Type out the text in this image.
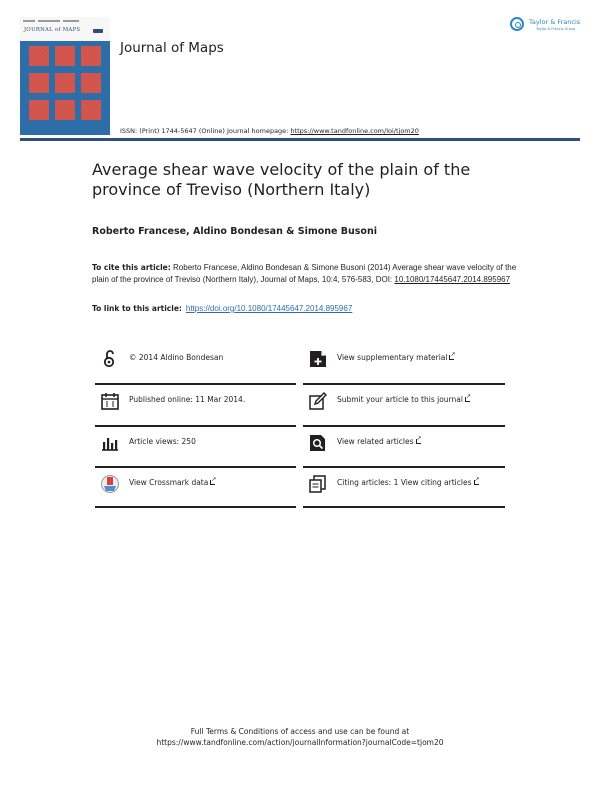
JOURNAL of MAPS
Journal of Maps
ISSN: (Print) 1744-5647 (Online) Journal homepage: https://www.tandfonline.com/loi/tjom20
Taylor & Francis
Taylor & Francis Group
Average shear wave velocity of the plain of the province of Treviso (Northern Italy)
Roberto Francese, Aldino Bondesan & Simone Busoni
To cite this article: Roberto Francese, Aldino Bondesan & Simone Busoni (2014) Average shear wave velocity of the plain of the province of Treviso (Northern Italy), Journal of Maps, 10:4, 576-583, DOI: 10.1080/17445647.2014.895967
To link to this article: https://doi.org/10.1080/17445647.2014.895967
© 2014 Aldino Bondesan
Published online: 11 Mar 2014.
Article views: 250
View Crossmark data↗
View supplementary material↗
Submit your article to this journal↗
View related articles↗
Citing articles: 1 View citing articles↗
Full Terms & Conditions of access and use can be found at
https://www.tandfonline.com/action/journalInformation?journalCode=tjom20
